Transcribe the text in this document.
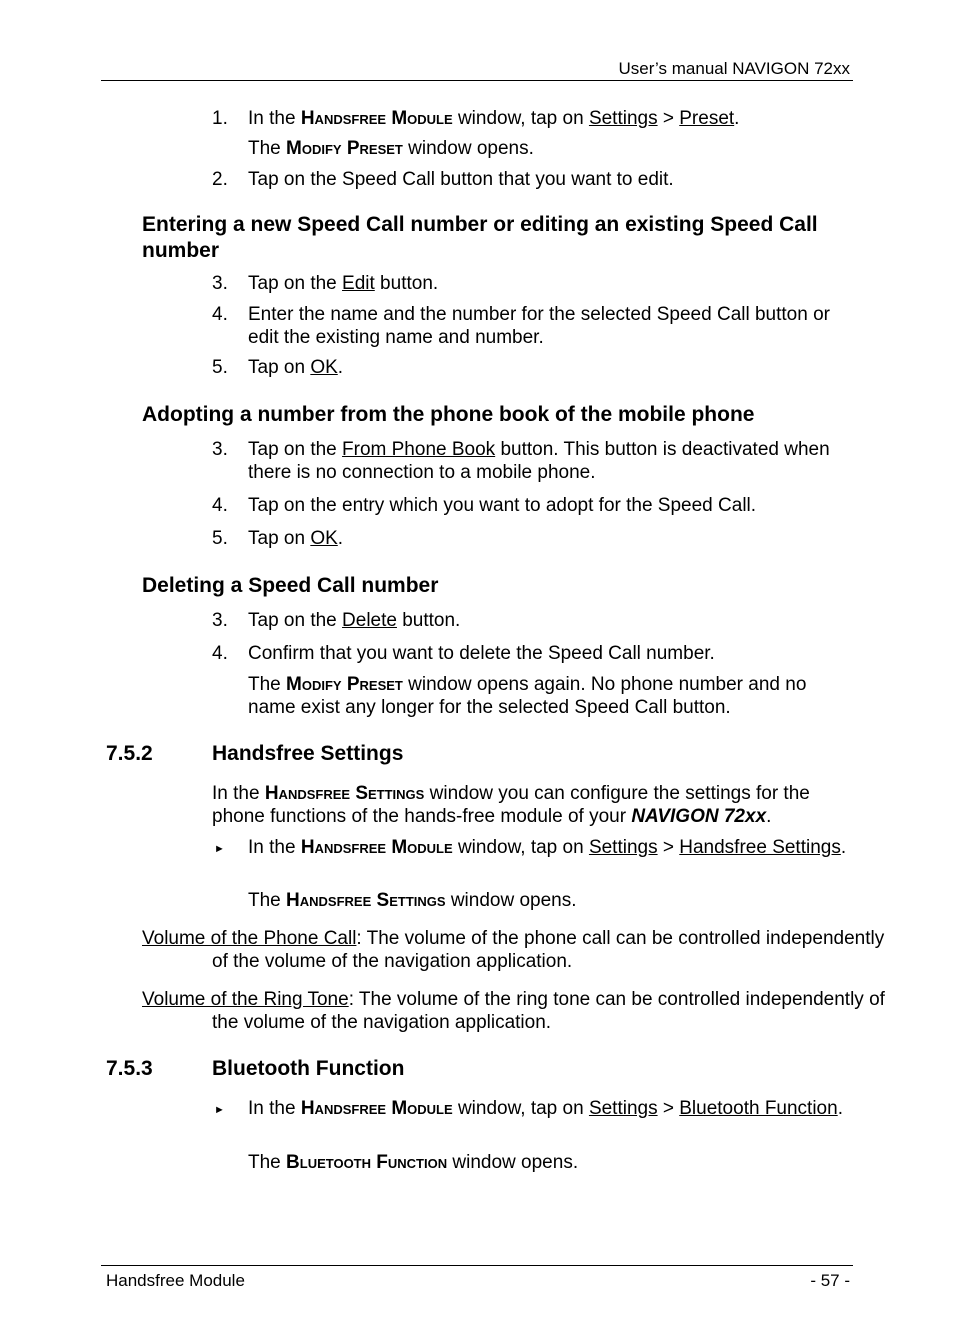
User’s manual NAVIGON 72xx
1.	In the Handsfree Module window, tap on Settings > Preset.
The Modify Preset window opens.
2.	Tap on the Speed Call button that you want to edit.
Entering a new Speed Call number or editing an existing Speed Call number
3.	Tap on the Edit button.
4.	Enter the name and the number for the selected Speed Call button or edit the existing name and number.
5.	Tap on OK.
Adopting a number from the phone book of the mobile phone
3.	Tap on the From Phone Book button. This button is deactivated when there is no connection to a mobile phone.
4.	Tap on the entry which you want to adopt for the Speed Call.
5.	Tap on OK.
Deleting a Speed Call number
3.	Tap on the Delete button.
4.	Confirm that you want to delete the Speed Call number.
The Modify Preset window opens again. No phone number and no name exist any longer for the selected Speed Call button.
7.5.2	Handsfree Settings
In the Handsfree Settings window you can configure the settings for the phone functions of the hands-free module of your NAVIGON 72xx.
► In the Handsfree Module window, tap on Settings > Handsfree Settings.
The Handsfree Settings window opens.
Volume of the Phone Call: The volume of the phone call can be controlled independently of the volume of the navigation application.
Volume of the Ring Tone: The volume of the ring tone can be controlled independently of the volume of the navigation application.
7.5.3	Bluetooth Function
► In the Handsfree Module window, tap on Settings > Bluetooth Function.
The Bluetooth Function window opens.
Handsfree Module	- 57 -
